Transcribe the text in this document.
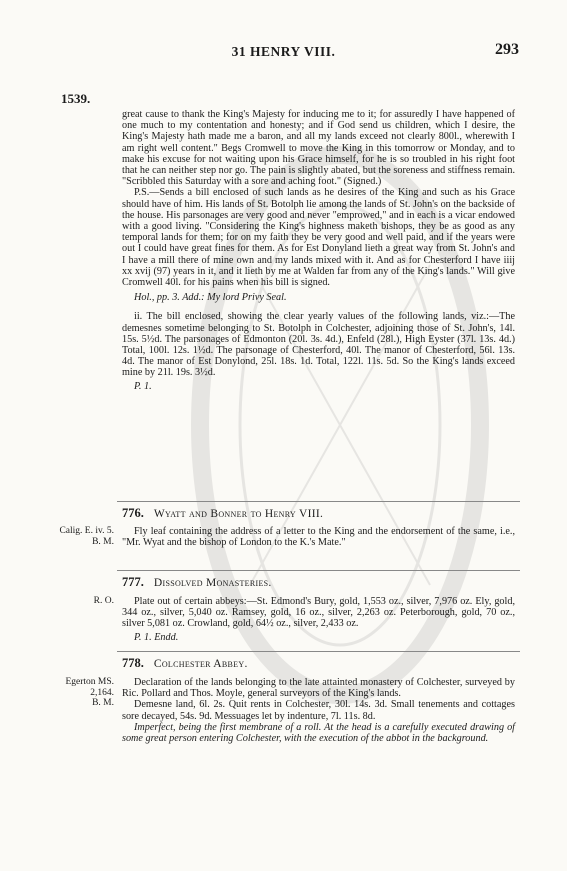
31 HENRY VIII.	293
1539.

great cause to thank the King's Majesty for inducing me to it; for assuredly I have happened of one much to my contentation and honesty; and if God send us children, which I desire, the King's Majesty hath made me a baron, and all my lands exceed not clearly 800l., wherewith I am right well content." Begs Cromwell to move the King in this tomorrow or Monday, and to make his excuse for not waiting upon his Grace himself, for he is so troubled in his right foot that he can neither step nor go. The pain is slightly abated, but the soreness and stiffness remain. "Scribbled this Saturday with a sore and aching foot." (Signed.)

P.S.—Sends a bill enclosed of such lands as he desires of the King and such as his Grace should have of him. His lands of St. Botolph lie among the lands of St. John's on the backside of the house. His parsonages are very good and never "emprowed," and in each is a vicar endowed with a good living. "Considering the King's highness maketh bishops, they be as good as any temporal lands for them; for on my faith they be very good and well paid, and if the years were out I could have great fines for them. As for Est Donyland lieth a great way from St. John's and I have a mill there of mine own and my lands mixed with it. And as for Chesterford I have iiij xx xvij (97) years in it, and it lieth by me at Walden far from any of the King's lands." Will give Cromwell 40l. for his pains when his bill is signed.

Hol., pp. 3. Add.: My lord Privy Seal.

ii. The bill enclosed, showing the clear yearly values of the following lands, viz.:—The demesnes sometime belonging to St. Botolph in Colchester, adjoining those of St. John's, 14l. 15s. 5½d. The parsonages of Edmonton (20l. 3s. 4d.), Enfeld (28l.), High Eyster (37l. 13s. 4d.) Total, 100l. 12s. 1½d. The parsonage of Chesterford, 40l. The manor of Chesterford, 56l. 13s. 4d. The manor of Est Donylond, 25l. 18s. 1d. Total, 122l. 11s. 5d. So the King's lands exceed mine by 21l. 19s. 3½d.

P. 1.

776. Wyatt and Bonner to Henry VIII.
Calig. E. iv. 5.
B. M.

Fly leaf containing the address of a letter to the King and the endorsement of the same, i.e., "Mr. Wyat and the bishop of London to the K.'s Mate."

777. Dissolved Monasteries.
R. O.	Plate out of certain abbeys:—St. Edmond's Bury, gold, 1,553 oz., silver, 7,976 oz. Ely, gold, 344 oz., silver, 5,040 oz. Ramsey, gold, 16 oz., silver, 2,263 oz. Peterborough, gold, 70 oz., silver 5,081 oz. Crowland, gold, 64½ oz., silver, 2,433 oz.

P. 1. Endd.

778. Colchester Abbey.
Egerton MS.
2,164.
B. M.

Declaration of the lands belonging to the late attainted monastery of Colchester, surveyed by Ric. Pollard and Thos. Moyle, general surveyors of the King's lands.

Demesne land, 6l. 2s. Quit rents in Colchester, 30l. 14s. 3d. Small tenements and cottages sore decayed, 54s. 9d. Messuages let by indenture, 7l. 11s. 8d.

Imperfect, being the first membrane of a roll. At the head is a carefully executed drawing of some great person entering Colchester, with the execution of the abbot in the background.
